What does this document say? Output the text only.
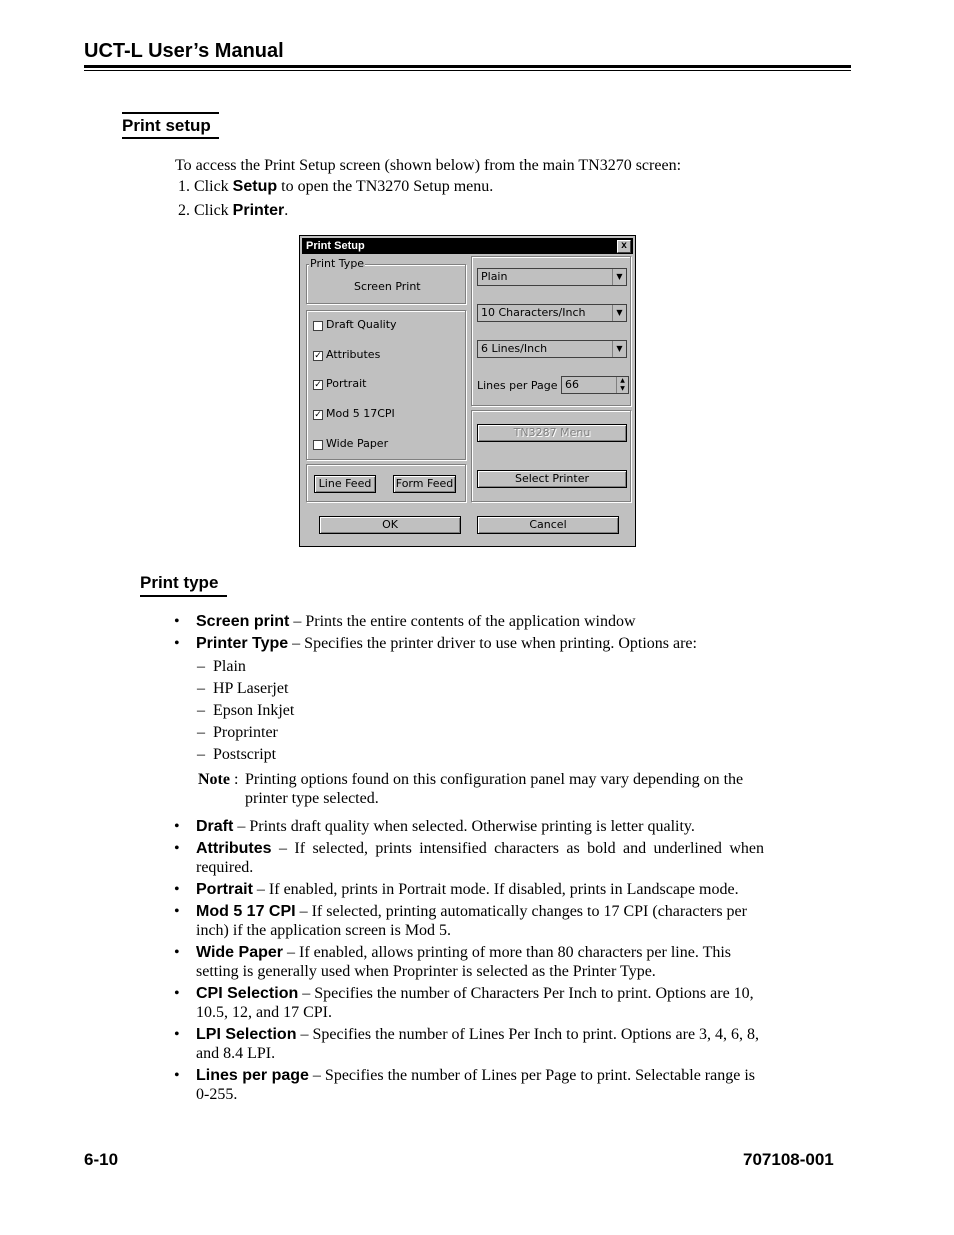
UCT-L User’s Manual
Print setup
To access the Print Setup screen (shown below) from the main TN3270 screen:
1. Click Setup to open the TN3270 Setup menu.
2. Click Printer.
Print Setup	x
Print Type
Screen Print
Draft Quality
✓ Attributes
✓ Portrait
✓ Mod 5 17CPI
Wide Paper
Line Feed	Form Feed
Plain	▼
10 Characters/Inch	▼
6 Lines/Inch	▼
Lines per Page 66	▲
▼
TN3287 Menu
Select Printer
OK	Cancel
Print type
• Screen print – Prints the entire contents of the application window
• Printer Type – Specifies the printer driver to use when printing. Options are:
–  Plain
–  HP Laserjet
–  Epson Inkjet
–  Proprinter
–  Postscript
Note : Printing options found on this configuration panel may vary depending on the printer type selected.
• Draft – Prints draft quality when selected. Otherwise printing is letter quality.
• Attributes – If selected, prints intensified characters as bold and underlined when required.
• Portrait – If enabled, prints in Portrait mode. If disabled, prints in Landscape mode.
• Mod 5 17 CPI – If selected, printing automatically changes to 17 CPI (characters per inch) if the application screen is Mod 5.
• Wide Paper – If enabled, allows printing of more than 80 characters per line. This setting is generally used when Proprinter is selected as the Printer Type.
• CPI Selection – Specifies the number of Characters Per Inch to print. Options are 10, 10.5, 12, and 17 CPI.
• LPI Selection – Specifies the number of Lines Per Inch to print. Options are 3, 4, 6, 8, and 8.4 LPI.
• Lines per page – Specifies the number of Lines per Page to print. Selectable range is 0-255.
6-10	707108-001
